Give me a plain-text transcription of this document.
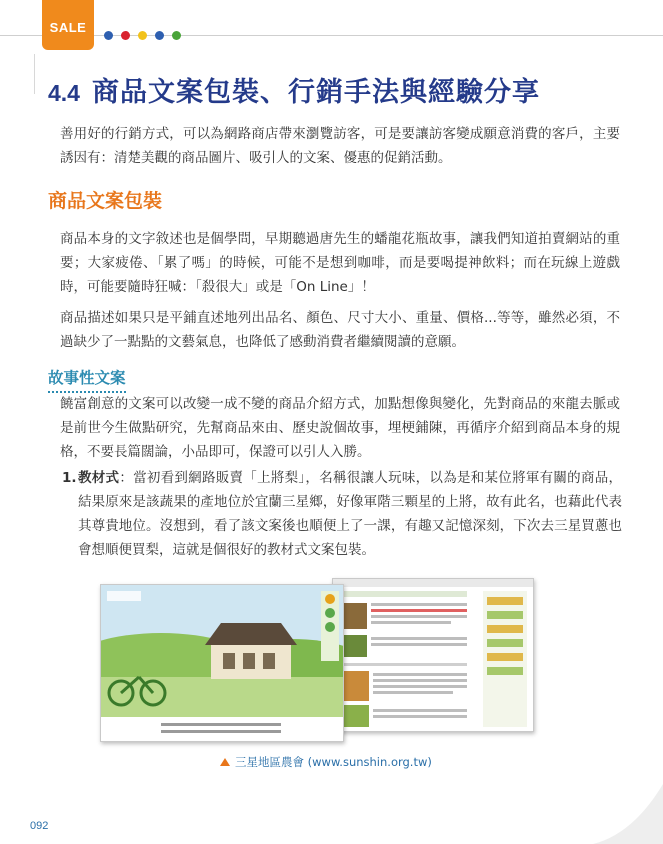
SALE
4.4 商品文案包裝、行銷手法與經驗分享
善用好的行銷方式，可以為網路商店帶來瀏覽訪客，可是要讓訪客變成願意消費的客戶，主要誘因有：清楚美觀的商品圖片、吸引人的文案、優惠的促銷活動。
商品文案包裝
商品本身的文字敘述也是個學問，早期聽過唐先生的蟠龍花瓶故事，讓我們知道拍賣網站的重要；大家疲倦、「累了嗎」的時候，可能不是想到咖啡，而是要喝提神飲料；而在玩線上遊戲時，可能要隨時狂喊：「殺很大」或是「On Line」！
商品描述如果只是平鋪直述地列出品名、顏色、尺寸大小、重量、價格...等等，雖然必須，不過缺少了一點點的文藝氣息，也降低了感動消費者繼續閱讀的意願。
故事性文案
饒富創意的文案可以改變一成不變的商品介紹方式，加點想像與變化，先對商品的來龍去脈或是前世今生做點研究，先幫商品來由、歷史說個故事，埋梗鋪陳，再循序介紹到商品本身的規格，不要長篇闊論，小品即可，保證可以引人入勝。
1. 教材式：當初看到網路販賣「上將梨」，名稱很讓人玩味，以為是和某位將軍有關的商品，結果原來是該蔬果的產地位於宜蘭三星鄉，好像軍階三顆星的上將，故有此名，也藉此代表其尊貴地位。沒想到，看了該文案後也順便上了一課，有趣又記憶深刻，下次去三星買蔥也會想順便買梨，這就是個很好的教材式文案包裝。
三星地區農會 (www.sunshin.org.tw)
092
